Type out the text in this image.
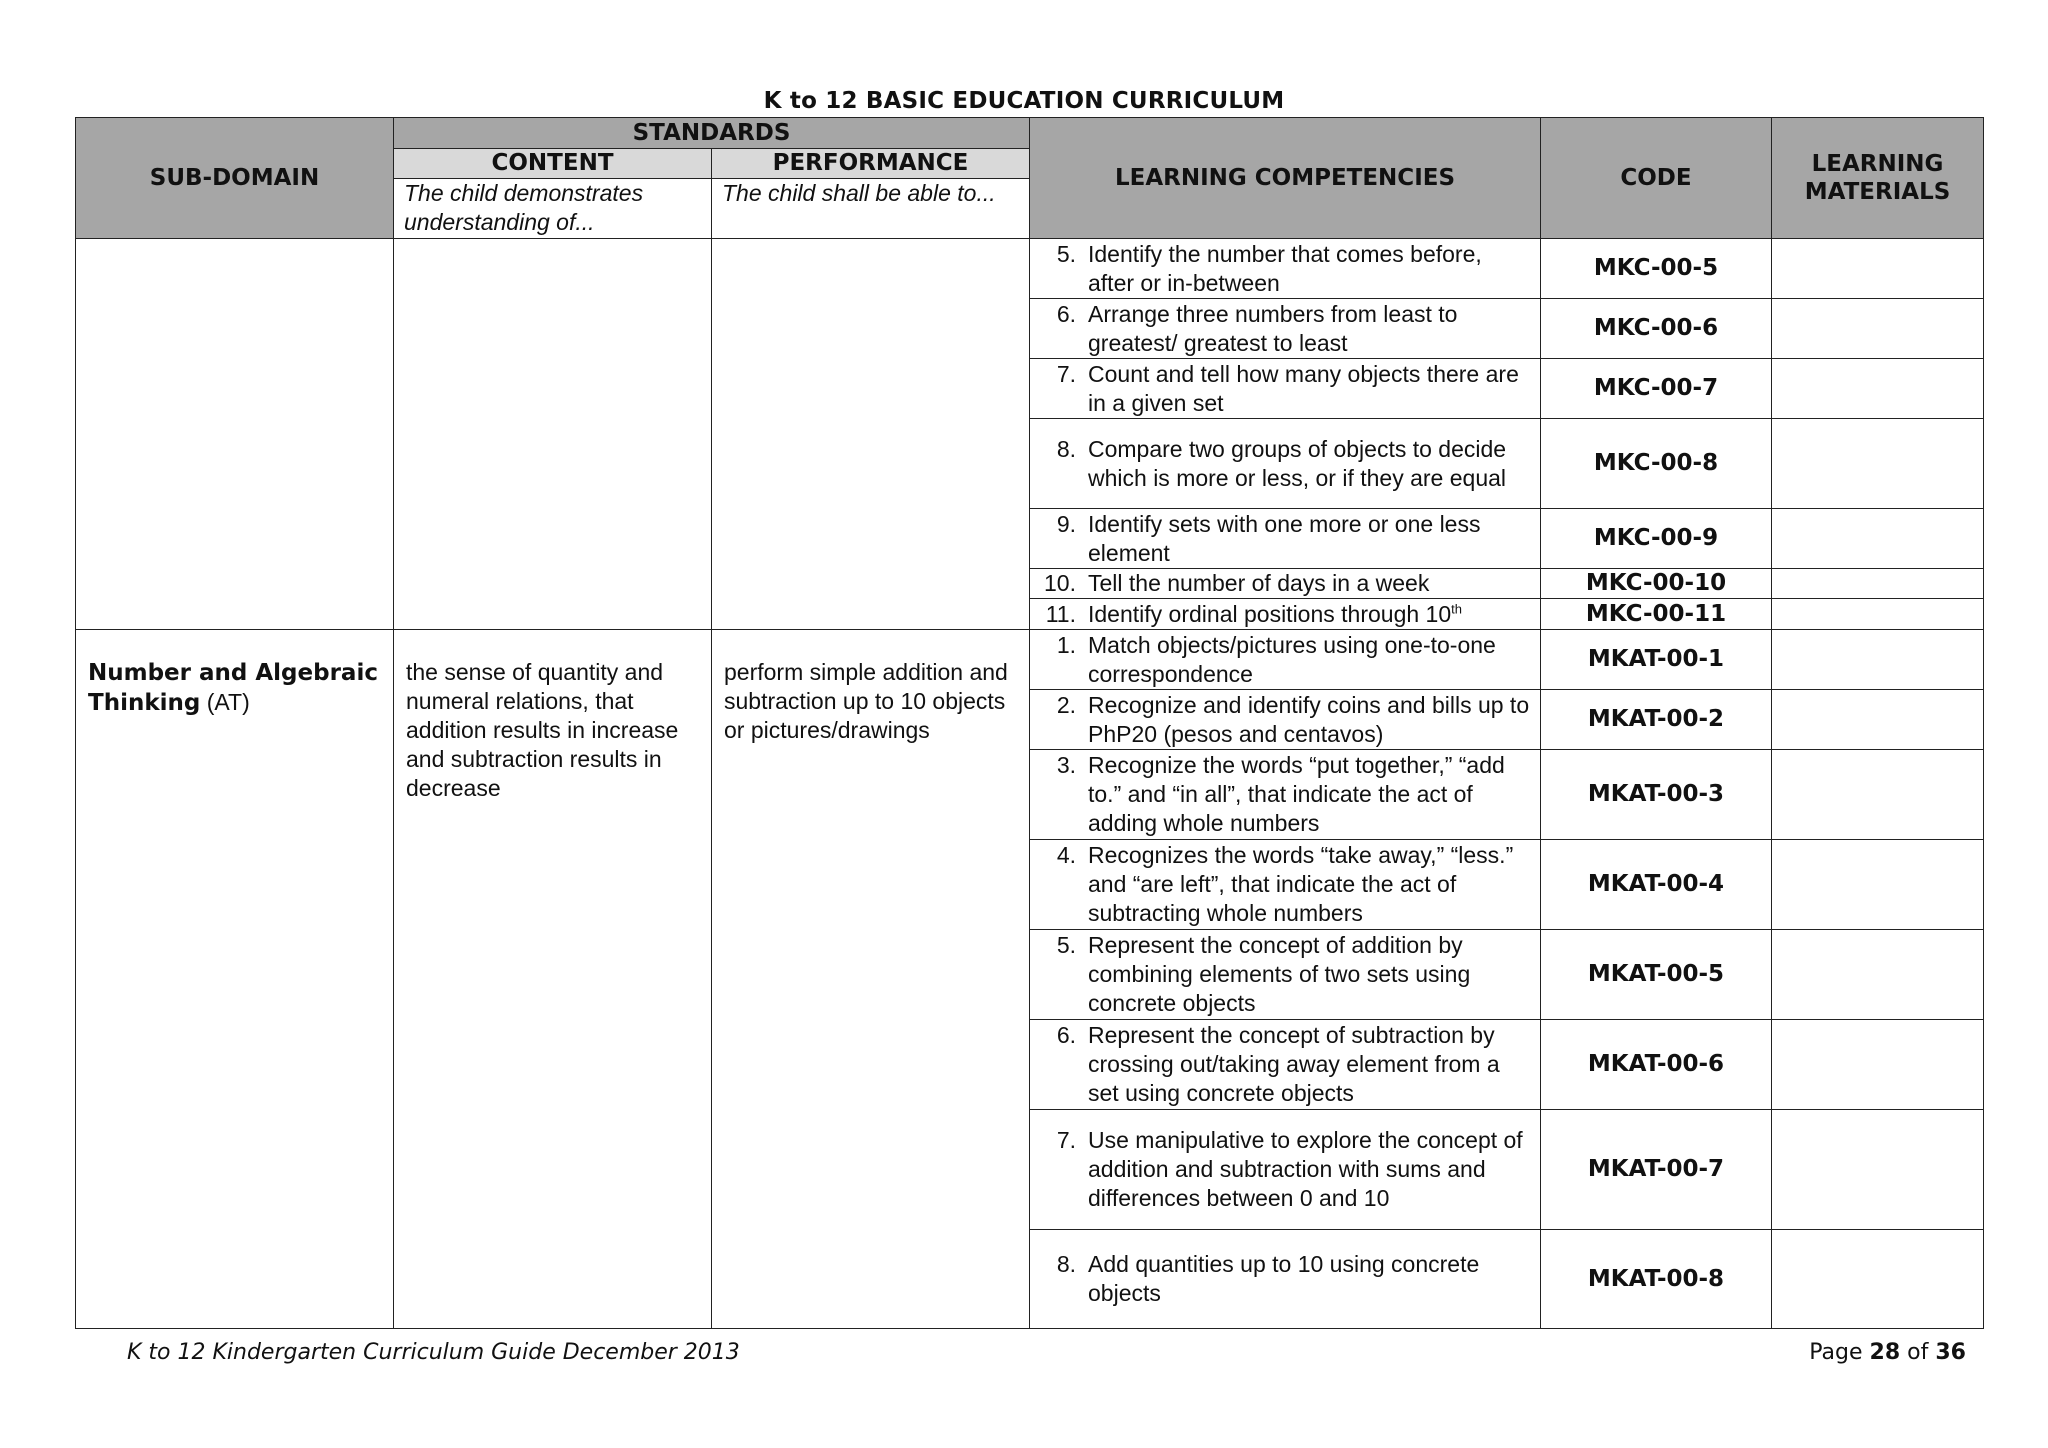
K to 12 BASIC EDUCATION CURRICULUM
SUB-DOMAIN	STANDARDS		LEARNING COMPETENCIES	CODE	LEARNING MATERIALS
	CONTENT	PERFORMANCE			
	The child demonstrates understanding of...	The child shall be able to...			

			5. Identify the number that comes before, after or in-between	MKC-00-5	

			6. Arrange three numbers from least to greatest/ greatest to least	MKC-00-6	

			7. Count and tell how many objects there are in a given set	MKC-00-7	

			8. Compare two groups of objects to decide which is more or less, or if they are equal	MKC-00-8	

			9. Identify sets with one more or one less element	MKC-00-9	

			10. Tell the number of days in a week	MKC-00-10	

			11. Identify ordinal positions through 10th	MKC-00-11	
Number and Algebraic Thinking (AT)	the sense of quantity and numeral relations, that addition results in increase and subtraction results in decrease	perform simple addition and subtraction up to 10 objects or pictures/drawings	1. Match objects/pictures using one-to-one correspondence	MKAT-00-1	

			2. Recognize and identify coins and bills up to PhP20 (pesos and centavos)	MKAT-00-2	

			3. Recognize the words “put together,” “add to.” and “in all”, that indicate the act of adding whole numbers	MKAT-00-3	

			4. Recognizes the words “take away,” “less.” and “are left”, that indicate the act of subtracting whole numbers	MKAT-00-4	

			5. Represent the concept of addition by combining elements of two sets using concrete objects	MKAT-00-5	

			6. Represent the concept of subtraction by crossing out/taking away element from a set using concrete objects	MKAT-00-6	

			7. Use manipulative to explore the concept of addition and subtraction with sums and differences between 0 and 10	MKAT-00-7	

			8. Add quantities up to 10 using concrete objects	MKAT-00-8	
K to 12 Kindergarten Curriculum Guide December 2013	Page 28 of 36
